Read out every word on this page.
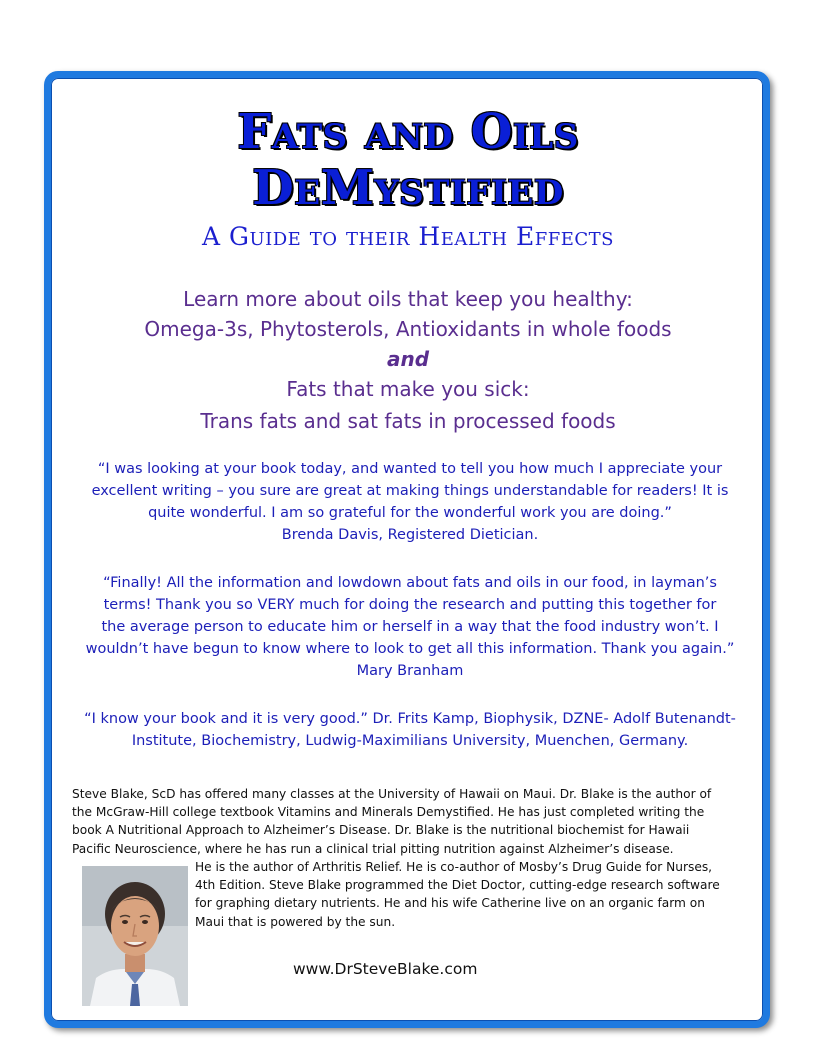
Fats and Oils
DeMystified
A Guide to their Health Effects
Learn more about oils that keep you healthy:
Omega-3s, Phytosterols, Antioxidants in whole foods
and
Fats that make you sick:
Trans fats and sat fats in processed foods
“I was looking at your book today, and wanted to tell you how much I appreciate your
excellent writing – you sure are great at making things understandable for readers! It is
quite wonderful. I am so grateful for the wonderful work you are doing.”
Brenda Davis, Registered Dietician.
“Finally! All the information and lowdown about fats and oils in our food, in layman’s
terms! Thank you so VERY much for doing the research and putting this together for
the average person to educate him or herself in a way that the food industry won’t. I
wouldn’t have begun to know where to look to get all this information. Thank you again.”
Mary Branham
“I know your book and it is very good.” Dr. Frits Kamp, Biophysik, DZNE- Adolf Butenandt-
Institute, Biochemistry, Ludwig-Maximilians University, Muenchen, Germany.
Steve Blake, ScD has offered many classes at the University of Hawaii on Maui. Dr. Blake is the author of
the McGraw-Hill college textbook Vitamins and Minerals Demystified. He has just completed writing the
book A Nutritional Approach to Alzheimer’s Disease. Dr. Blake is the nutritional biochemist for Hawaii
Pacific Neuroscience, where he has run a clinical trial pitting nutrition against Alzheimer’s disease.
He is the author of Arthritis Relief. He is co-author of Mosby’s Drug Guide for Nurses,
4th Edition. Steve Blake programmed the Diet Doctor, cutting-edge research software
for graphing dietary nutrients. He and his wife Catherine live on an organic farm on
Maui that is powered by the sun.
www.DrSteveBlake.com
